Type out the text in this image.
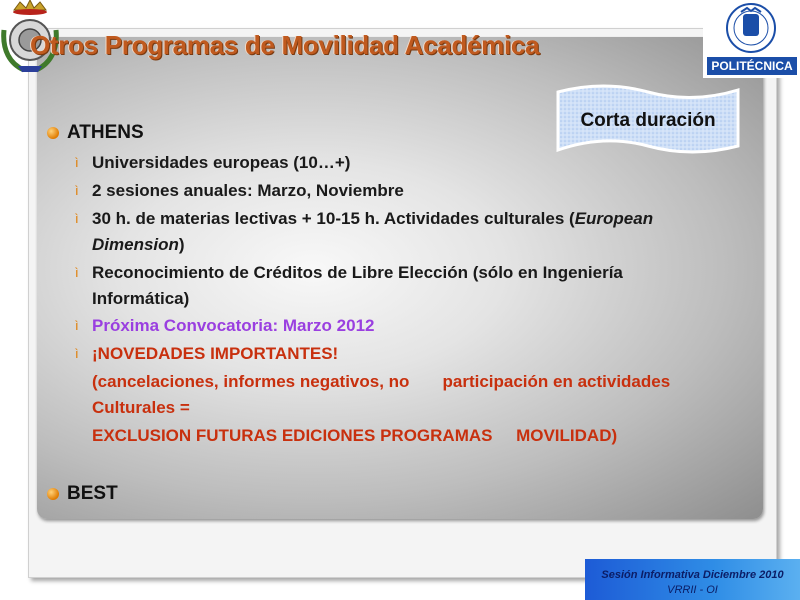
Otros Programas de Movilidad Académica
POLITÉCNICA
Corta duración
ATHENS
ì Universidades europeas (10…+)
ì 2 sesiones anuales: Marzo, Noviembre
ì 30 h. de materias lectivas + 10-15 h. Actividades culturales (European Dimension)
ì Reconocimiento de Créditos de Libre Elección (sólo en Ingeniería Informática)
ì Próxima Convocatoria: Marzo 2012
ì ¡NOVEDADES IMPORTANTES!
(cancelaciones, informes negativos, no       participación en actividades Culturales =
EXCLUSION FUTURAS EDICIONES PROGRAMAS     MOVILIDAD)
BEST
Sesión Informativa Diciembre 2010
VRRII - OI
